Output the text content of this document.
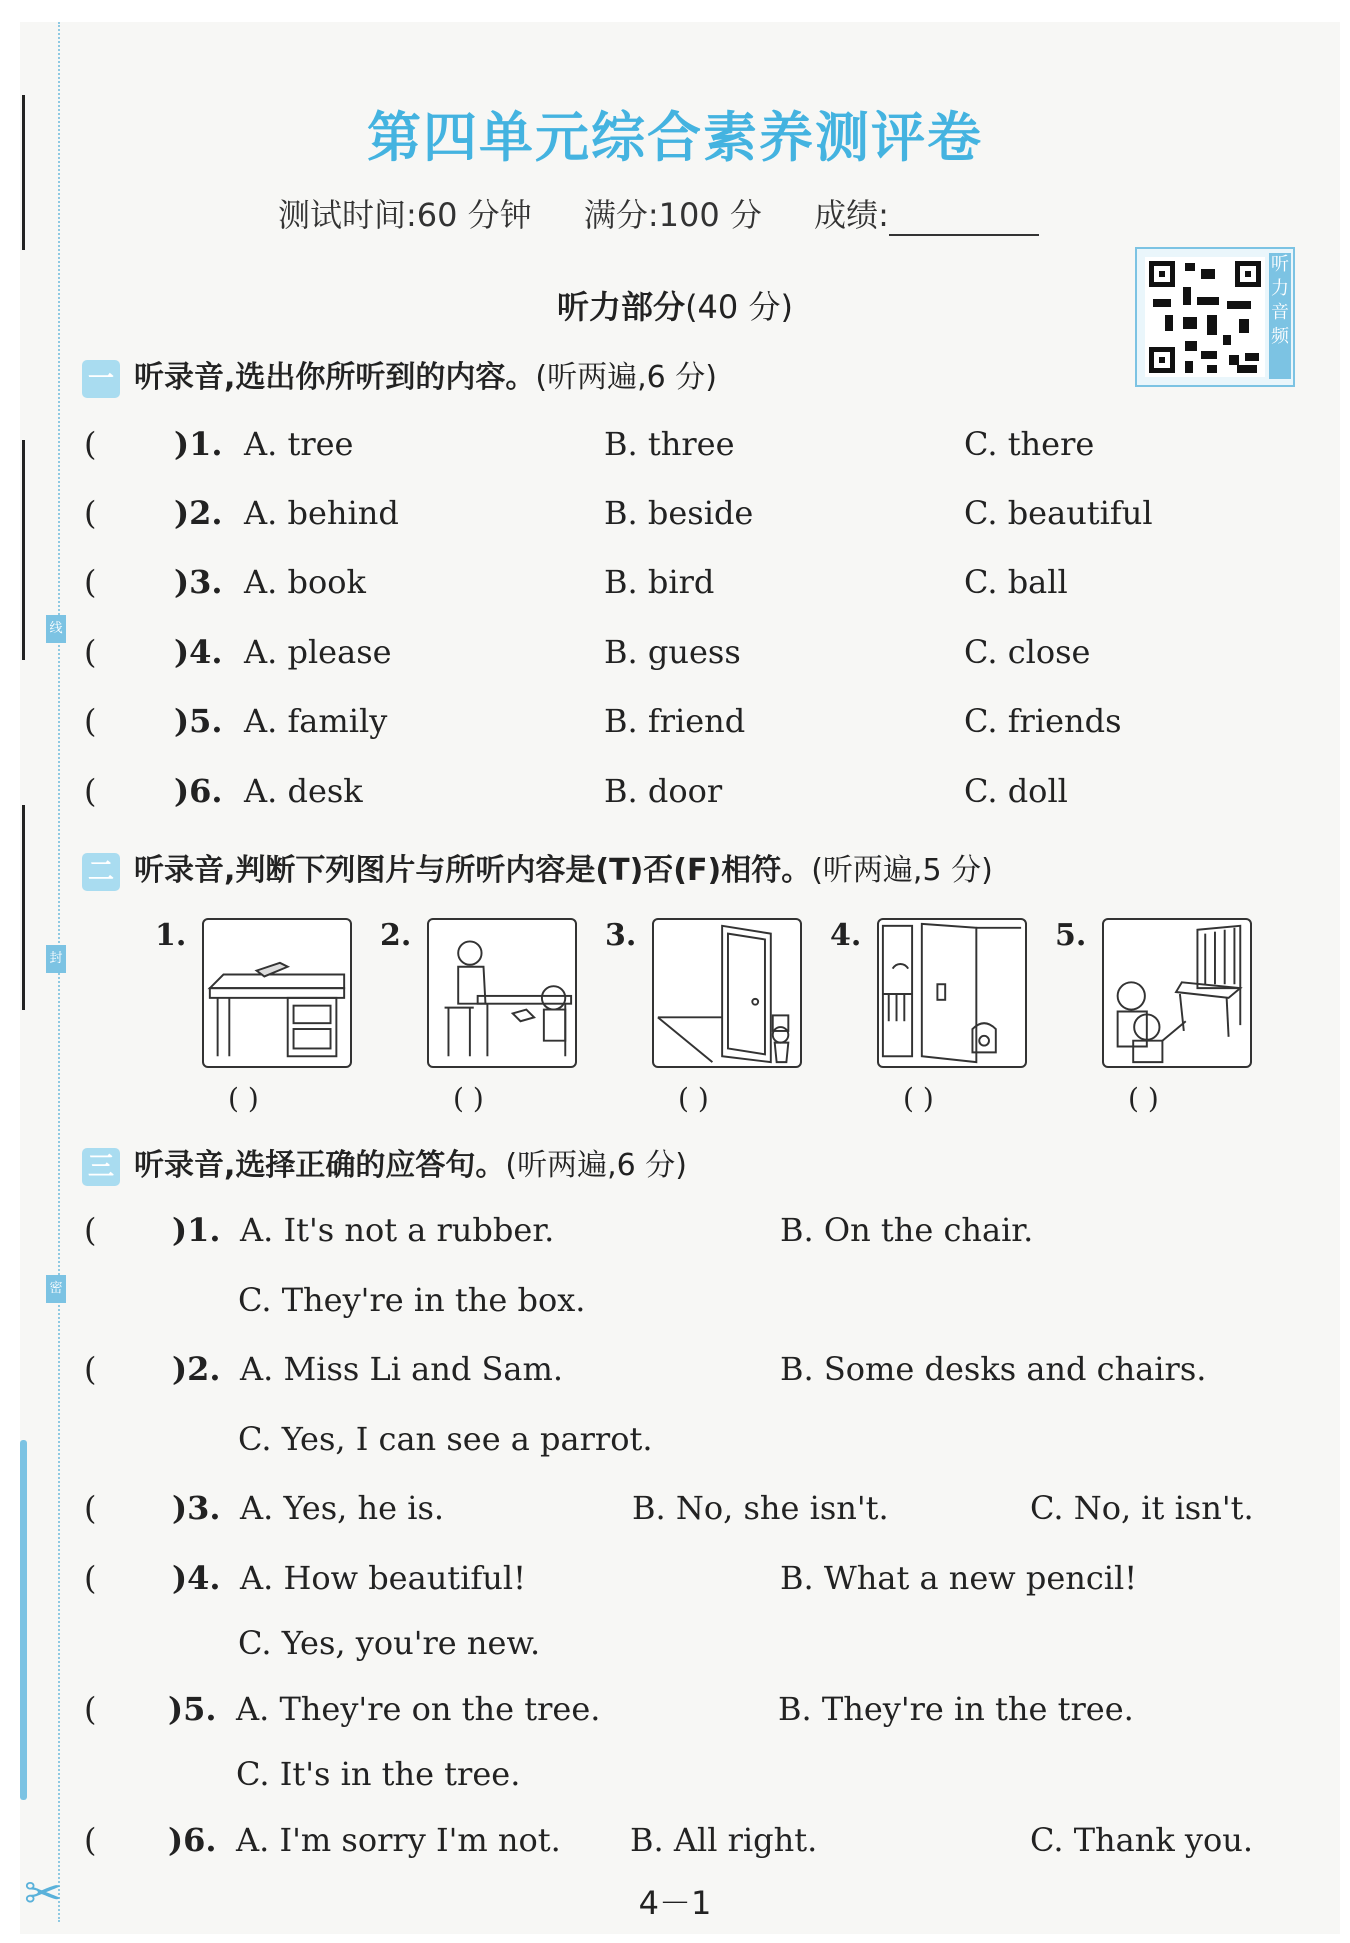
线
封
密
✂
第四单元综合素养测评卷
测试时间:60 分钟 满分:100 分 成绩:
听力音频
听力部分(40 分)
一 听录音,选出你所听到的内容。(听两遍,6 分)
( )1. A. tree	B. three	C. there
( )2. A. behind	B. beside	C. beautiful
( )3. A. book	B. bird	C. ball
( )4. A. please	B. guess	C. close
( )5. A. family	B. friend	C. friends
( )6. A. desk	B. door	C. doll
二 听录音,判断下列图片与所听内容是(T)否(F)相符。(听两遍,5 分)
1.
( )
2.
( )
3.
( )
4.
( )
5.
( )
三 听录音,选择正确的应答句。(听两遍,6 分)
( )1. A. It's not a rubber.	B. On the chair.
C. They're in the box.
( )2. A. Miss Li and Sam.	B. Some desks and chairs.
C. Yes, I can see a parrot.
( )3. A. Yes, he is.	B. No, she isn't.	C. No, it isn't.
( )4. A. How beautiful!	B. What a new pencil!
C. Yes, you're new.
( )5. A. They're on the tree.	B. They're in the tree.
C. It's in the tree.
( )6. A. I'm sorry I'm not. B. All right.	C. Thank you.
4－1
